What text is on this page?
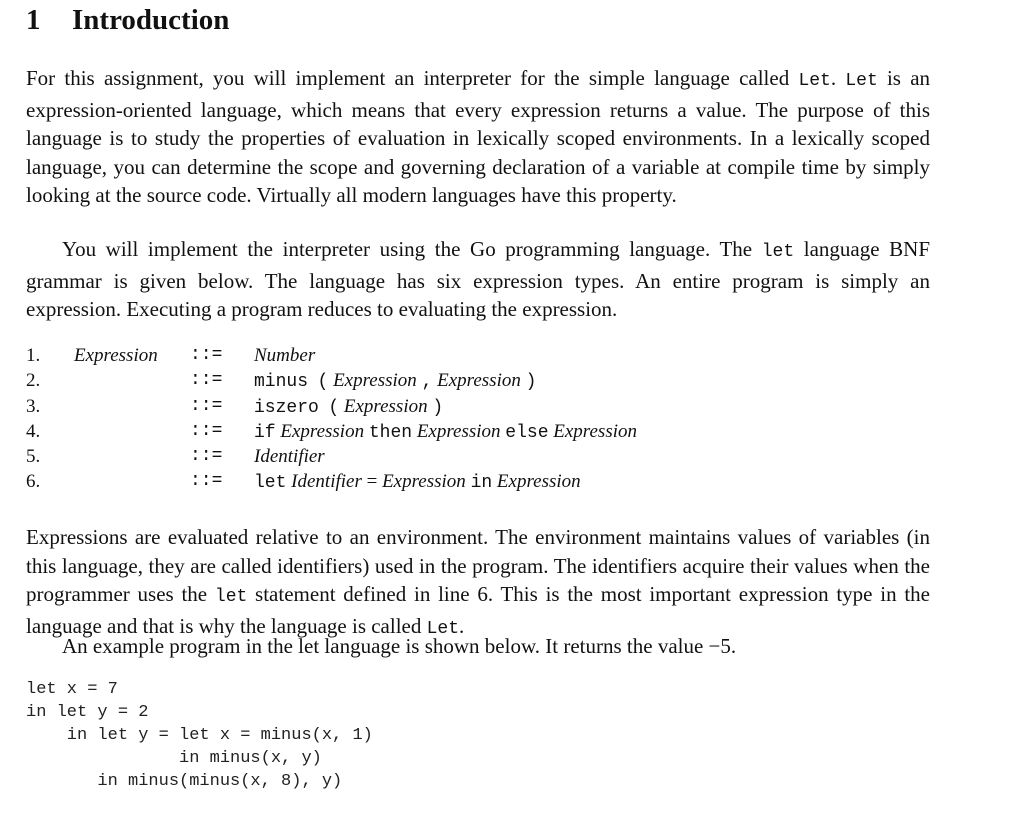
1 Introduction

For this assignment, you will implement an interpreter for the simple language called Let. Let is an expression-oriented language, which means that every expression returns a value. The purpose of this language is to study the properties of evaluation in lexically scoped environments. In a lexically scoped language, you can determine the scope and governing declaration of a variable at compile time by simply looking at the source code. Virtually all modern languages have this property.

You will implement the interpreter using the Go programming language. The let language BNF grammar is given below. The language has six expression types. An entire program is simply an expression. Executing a program reduces to evaluating the expression.

1. Expression ::= Number
2.	::= minus ( Expression , Expression )
3.	::= iszero ( Expression )
4.	::= if Expression then Expression else Expression
5.	::= Identifier
6.	::= let Identifier = Expression in Expression

Expressions are evaluated relative to an environment. The environment maintains values of variables (in this language, they are called identifiers) used in the program. The identifiers acquire their values when the programmer uses the let statement defined in line 6. This is the most important expression type in the language and that is why the language is called Let.

An example program in the let language is shown below. It returns the value −5.

let x = 7
in let y = 2
in let y = let x = minus(x, 1)
in minus(x, y)
in minus(minus(x, 8), y)
